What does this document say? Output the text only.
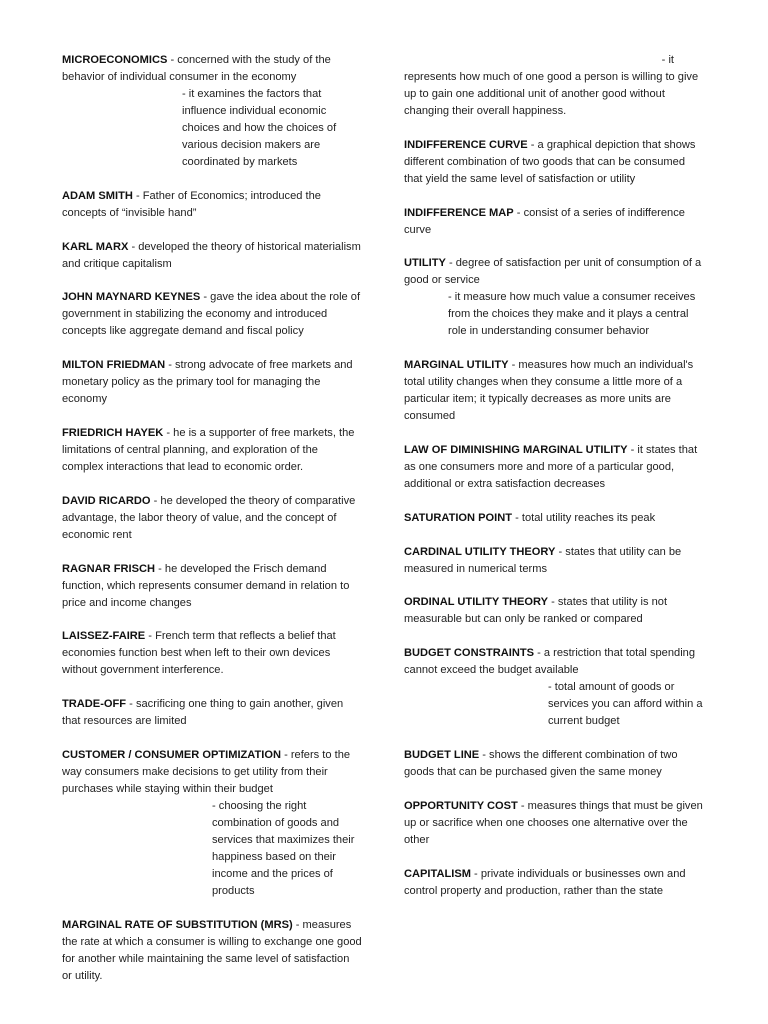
MICROECONOMICS - concerned with the study of the behavior of individual consumer in the economy
- it examines the factors that influence individual economic choices and how the choices of various decision makers are coordinated by markets

ADAM SMITH - Father of Economics; introduced the concepts of “invisible hand”

KARL MARX - developed the theory of historical materialism and critique capitalism

JOHN MAYNARD KEYNES - gave the idea about the role of government in stabilizing the economy and introduced concepts like aggregate demand and fiscal policy

MILTON FRIEDMAN - strong advocate of free markets and monetary policy as the primary tool for managing the economy

FRIEDRICH HAYEK - he is a supporter of free markets, the limitations of central planning, and exploration of the complex interactions that lead to economic order.

DAVID RICARDO - he developed the theory of comparative advantage, the labor theory of value, and the concept of economic rent

RAGNAR FRISCH - he developed the Frisch demand function, which represents consumer demand in relation to price and income changes

LAISSEZ-FAIRE - French term that reflects a belief that economies function best when left to their own devices without government interference.

TRADE-OFF - sacrificing one thing to gain another, given that resources are limited

CUSTOMER / CONSUMER OPTIMIZATION - refers to the way consumers make decisions to get utility from their purchases while staying within their budget
- choosing the right combination of goods and services that maximizes their happiness based on their income and the prices of products

MARGINAL RATE OF SUBSTITUTION (MRS) - measures the rate at which a consumer is willing to exchange one good for another while maintaining the same level of satisfaction or utility.

- it
represents how much of one good a person is willing to give up to gain one additional unit of another good without changing their overall happiness.

INDIFFERENCE CURVE - a graphical depiction that shows different combination of two goods that can be consumed that yield the same level of satisfaction or utility

INDIFFERENCE MAP - consist of a series of indifference curve

UTILITY - degree of satisfaction per unit of consumption of a good or service
- it measure how much value a consumer receives from the choices they make and it plays a central role in understanding consumer behavior

MARGINAL UTILITY - measures how much an individual's total utility changes when they consume a little more of a particular item; it typically decreases as more units are consumed

LAW OF DIMINISHING MARGINAL UTILITY - it states that as one consumers more and more of a particular good, additional or extra satisfaction decreases

SATURATION POINT - total utility reaches its peak

CARDINAL UTILITY THEORY - states that utility can be measured in numerical terms

ORDINAL UTILITY THEORY - states that utility is not measurable but can only be ranked or compared

BUDGET CONSTRAINTS - a restriction that total spending cannot exceed the budget available
- total amount of goods or services you can afford within a current budget

BUDGET LINE - shows the different combination of two goods that can be purchased given the same money

OPPORTUNITY COST - measures things that must be given up or sacrifice when one chooses one alternative over the other

CAPITALISM - private individuals or businesses own and control property and production, rather than the state
